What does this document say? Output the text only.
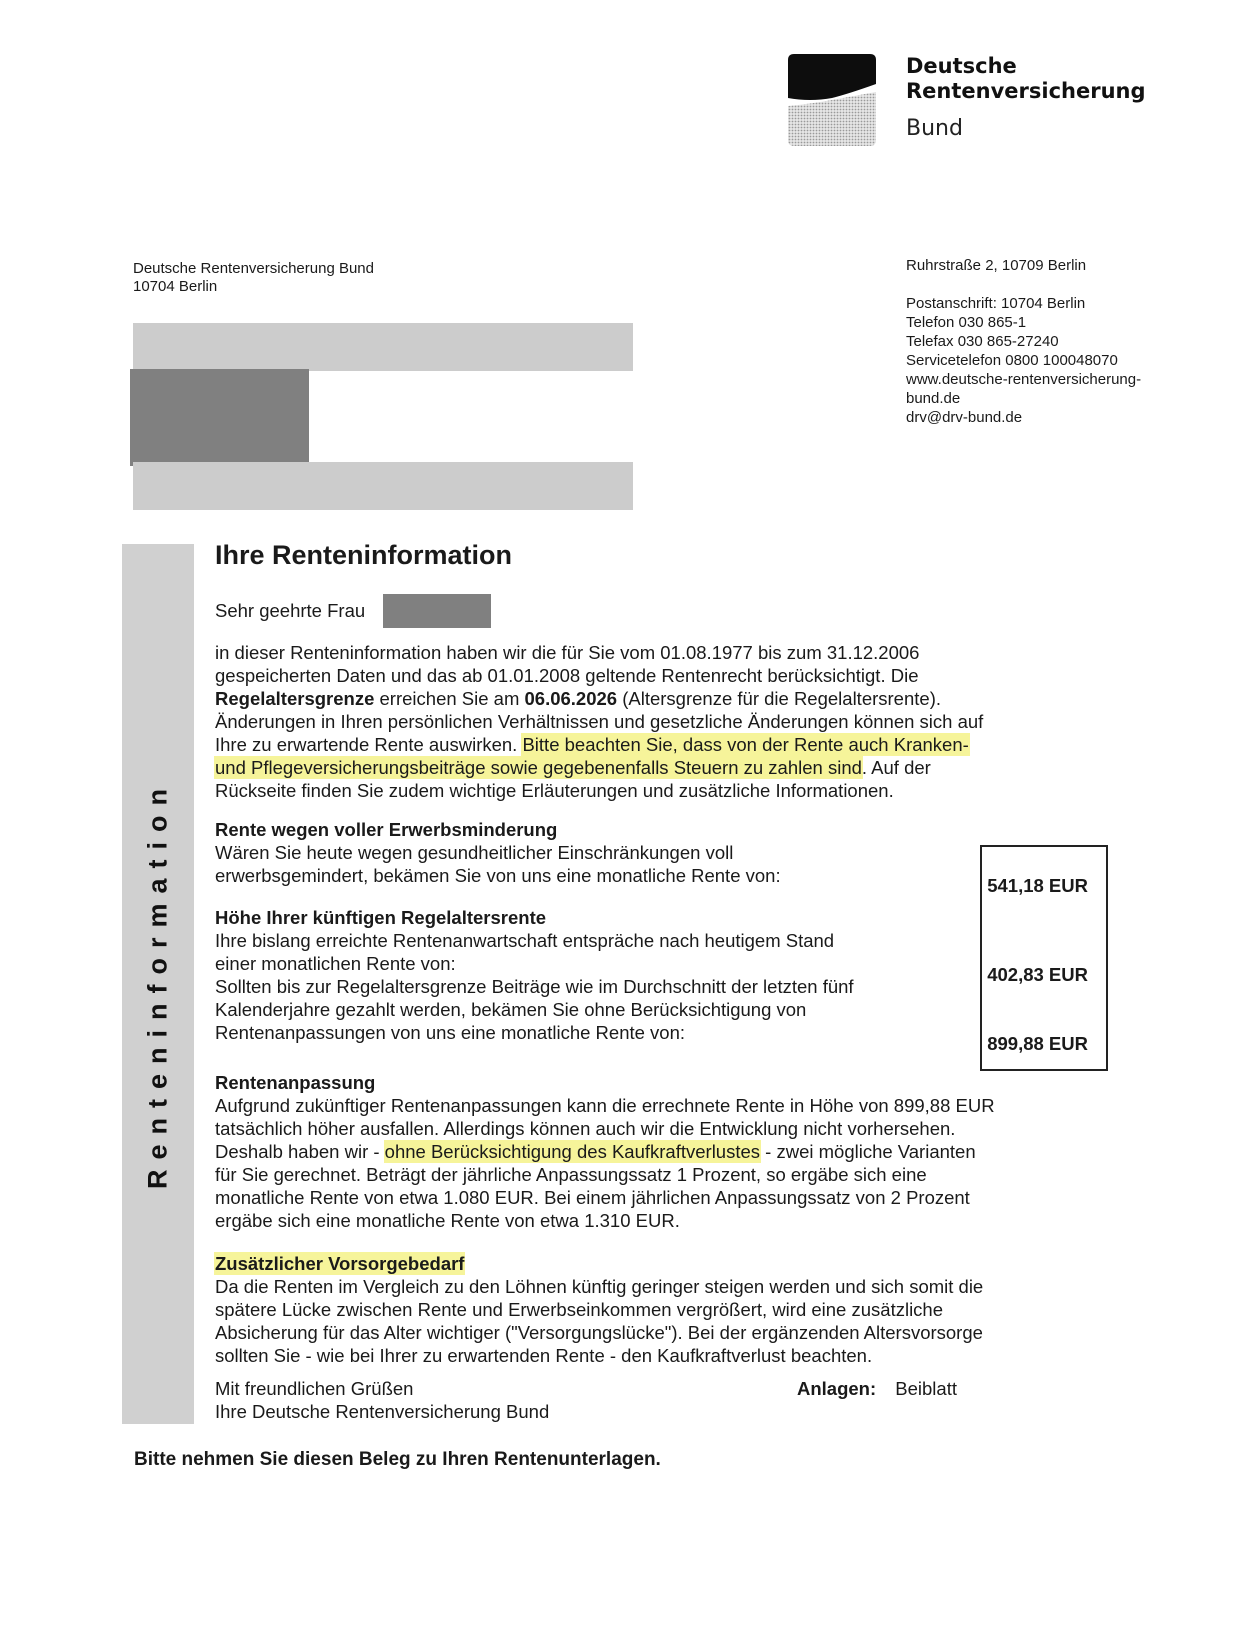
Deutsche
Rentenversicherung
Bund
Deutsche Rentenversicherung Bund
10704 Berlin
Ruhrstraße 2, 10709 Berlin
Postanschrift: 10704 Berlin
Telefon 030 865-1
Telefax 030 865-27240
Servicetelefon 0800 100048070
www.deutsche-rentenversicherung-
bund.de
drv@drv-bund.de
Renteninformation
Ihre Renteninformation
Sehr geehrte Frau
in dieser Renteninformation haben wir die für Sie vom 01.08.1977 bis zum 31.12.2006
gespeicherten Daten und das ab 01.01.2008 geltende Rentenrecht berücksichtigt. Die
Regelaltersgrenze erreichen Sie am 06.06.2026 (Altersgrenze für die Regelaltersrente).
Änderungen in Ihren persönlichen Verhältnissen und gesetzliche Änderungen können sich auf
Ihre zu erwartende Rente auswirken. Bitte beachten Sie, dass von der Rente auch Kranken-
und Pflegeversicherungsbeiträge sowie gegebenenfalls Steuern zu zahlen sind. Auf der
Rückseite finden Sie zudem wichtige Erläuterungen und zusätzliche Informationen.
Rente wegen voller Erwerbsminderung
Wären Sie heute wegen gesundheitlicher Einschränkungen voll
erwerbsgemindert, bekämen Sie von uns eine monatliche Rente von:
Höhe Ihrer künftigen Regelaltersrente
Ihre bislang erreichte Rentenanwartschaft entspräche nach heutigem Stand
einer monatlichen Rente von:
Sollten bis zur Regelaltersgrenze Beiträge wie im Durchschnitt der letzten fünf
Kalenderjahre gezahlt werden, bekämen Sie ohne Berücksichtigung von
Rentenanpassungen von uns eine monatliche Rente von:
541,18 EUR
402,83 EUR
899,88 EUR
Rentenanpassung
Aufgrund zukünftiger Rentenanpassungen kann die errechnete Rente in Höhe von 899,88 EUR
tatsächlich höher ausfallen. Allerdings können auch wir die Entwicklung nicht vorhersehen.
Deshalb haben wir - ohne Berücksichtigung des Kaufkraftverlustes - zwei mögliche Varianten
für Sie gerechnet. Beträgt der jährliche Anpassungssatz 1 Prozent, so ergäbe sich eine
monatliche Rente von etwa 1.080 EUR. Bei einem jährlichen Anpassungssatz von 2 Prozent
ergäbe sich eine monatliche Rente von etwa 1.310 EUR.
Zusätzlicher Vorsorgebedarf
Da die Renten im Vergleich zu den Löhnen künftig geringer steigen werden und sich somit die
spätere Lücke zwischen Rente und Erwerbseinkommen vergrößert, wird eine zusätzliche
Absicherung für das Alter wichtiger ("Versorgungslücke"). Bei der ergänzenden Altersvorsorge
sollten Sie - wie bei Ihrer zu erwartenden Rente - den Kaufkraftverlust beachten.
Mit freundlichen Grüßen
Ihre Deutsche Rentenversicherung Bund
Anlagen: Beiblatt
Bitte nehmen Sie diesen Beleg zu Ihren Rentenunterlagen.
